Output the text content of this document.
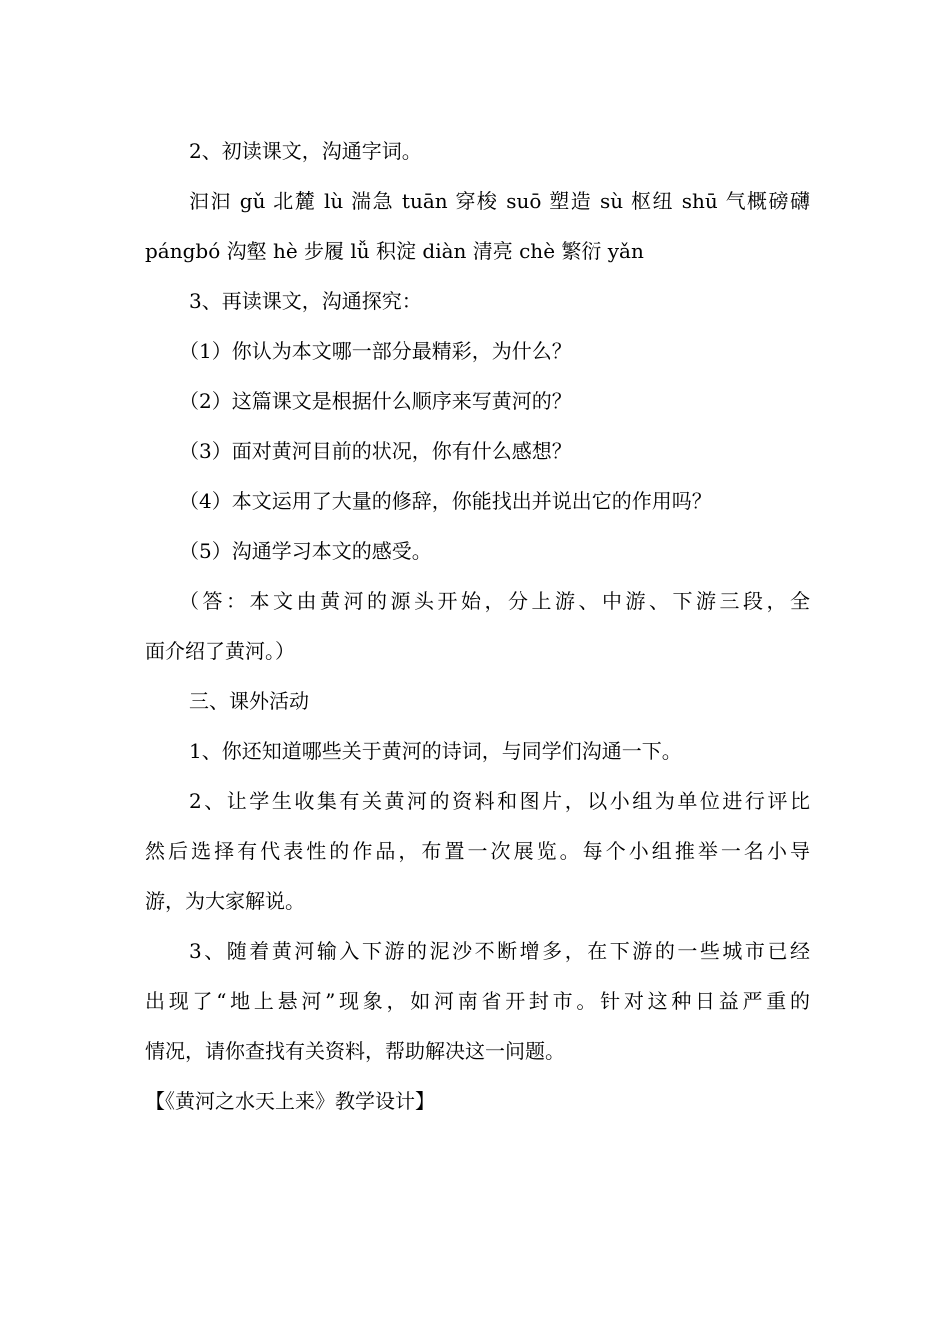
2、初读课文，沟通字词。
汩汩 gǔ 北麓 lù 湍急 tuān 穿梭 suō 塑造 sù 枢纽 shū 气概磅礴
pángbó 沟壑 hè 步履 lǚ 积淀 diàn 清亮 chè 繁衍 yǎn
3、再读课文，沟通探究：
（1）你认为本文哪一部分最精彩，为什么？
（2）这篇课文是根据什么顺序来写黄河的？
（3）面对黄河目前的状况，你有什么感想？
（4）本文运用了大量的修辞，你能找出并说出它的作用吗？
（5）沟通学习本文的感受。
（答：本文由黄河的源头开始，分上游、中游、下游三段，全
面介绍了黄河。）
三、课外活动
1、你还知道哪些关于黄河的诗词，与同学们沟通一下。
2、让学生收集有关黄河的资料和图片，以小组为单位进行评比
然后选择有代表性的作品，布置一次展览。每个小组推举一名小导
游，为大家解说。
3、随着黄河输入下游的泥沙不断增多，在下游的一些城市已经
出现了“地上悬河”现象，如河南省开封市。针对这种日益严重的
情况，请你查找有关资料，帮助解决这一问题。
【《黄河之水天上来》教学设计】
